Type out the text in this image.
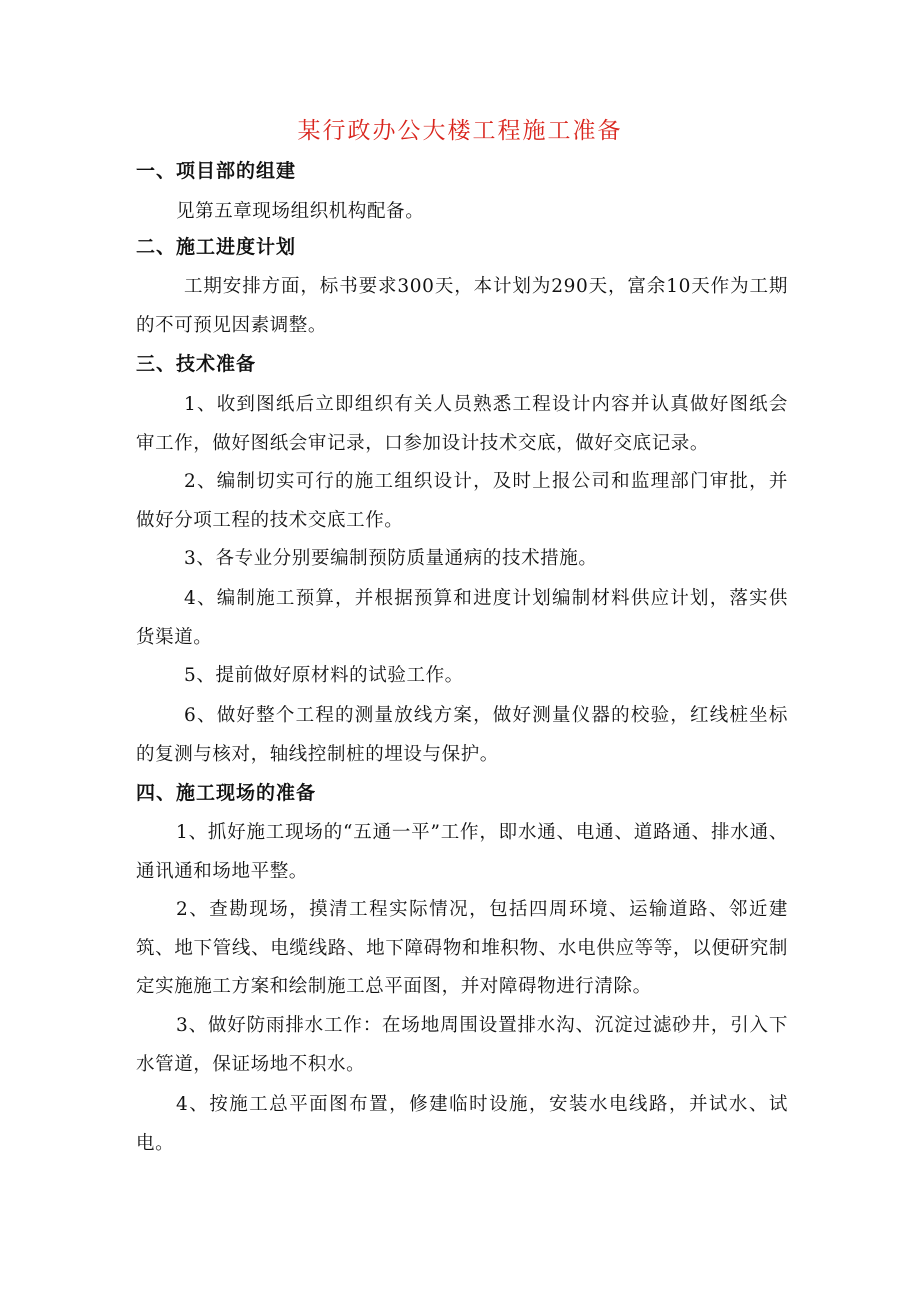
某行政办公大楼工程施工准备
一、项目部的组建

见第五章现场组织机构配备。

二、施工进度计划

工期安排方面，标书要求300天，本计划为290天，富余10天作为工期的不可预见因素调整。

三、技术准备

1、收到图纸后立即组织有关人员熟悉工程设计内容并认真做好图纸会审工作，做好图纸会审记录，口参加设计技术交底，做好交底记录。

2、编制切实可行的施工组织设计，及时上报公司和监理部门审批，并做好分项工程的技术交底工作。

3、各专业分别要编制预防质量通病的技术措施。

4、编制施工预算，并根据预算和进度计划编制材料供应计划，落实供货渠道。

5、提前做好原材料的试验工作。

6、做好整个工程的测量放线方案，做好测量仪器的校验，红线桩坐标的复测与核对，轴线控制桩的埋设与保护。

四、施工现场的准备

1、抓好施工现场的“五通一平”工作，即水通、电通、道路通、排水通、通讯通和场地平整。

2、查勘现场，摸清工程实际情况，包括四周环境、运输道路、邻近建筑、地下管线、电缆线路、地下障碍物和堆积物、水电供应等等，以便研究制定实施施工方案和绘制施工总平面图，并对障碍物进行清除。

3、做好防雨排水工作：在场地周围设置排水沟、沉淀过滤砂井，引入下水管道，保证场地不积水。

4、按施工总平面图布置，修建临时设施，安装水电线路，并试水、试电。
